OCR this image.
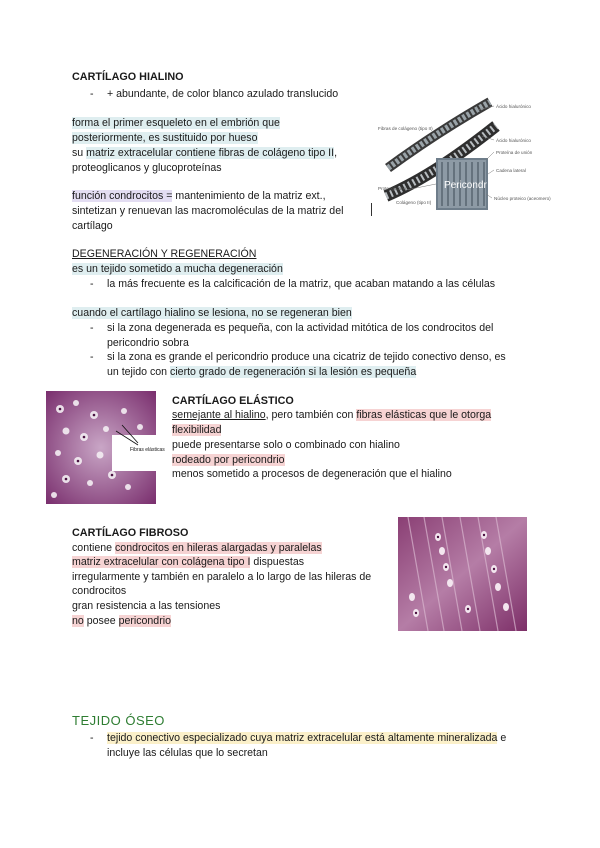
CARTÍLAGO HIALINO
- + abundante, de color blanco azulado translucido
forma el primer esqueleto en el embrión que
posteriormente, es sustituido por hueso
su matriz extracelular contiene fibras de colágeno tipo II,
proteoglicanos y glucoproteínas
función condrocitos = mantenimiento de la matriz ext.,
sintetizan y renuevan las macromoléculas de la matriz del
cartílago
Pericondr
Fibras de colágeno (tipo II)
Ácido hialurónico
Ácido hialurónico
Proteína de unión
Cadena lateral
Proteoglicano
Colágeno (tipo II)
Núcleo proteico (aceomero)
DEGENERACIÓN Y REGENERACIÓN
es un tejido sometido a mucha degeneración
- la más frecuente es la calcificación de la matriz, que acaban matando a las células
cuando el cartílago hialino se lesiona, no se regeneran bien
- si la zona degenerada es pequeña, con la actividad mitótica de los condrocitos del
pericondrio sobra
- si la zona es grande el pericondrio produce una cicatriz de tejido conectivo denso, es
un tejido con cierto grado de regeneración si la lesión es pequeña
Fibras elásticas
CARTÍLAGO ELÁSTICO
semejante al hialino, pero también con fibras elásticas que le otorga
flexibilidad
puede presentarse solo o combinado con hialino
rodeado por pericondrio
menos sometido a procesos de degeneración que el hialino
CARTÍLAGO FIBROSO
contiene condrocitos en hileras alargadas y paralelas
matriz extracelular con colágena tipo I dispuestas
irregularmente y también en paralelo a lo largo de las hileras de
condrocitos
gran resistencia a las tensiones
no posee pericondrio
TEJIDO ÓSEO
- tejido conectivo especializado cuya matriz extracelular está altamente mineralizada e
incluye las células que lo secretan
